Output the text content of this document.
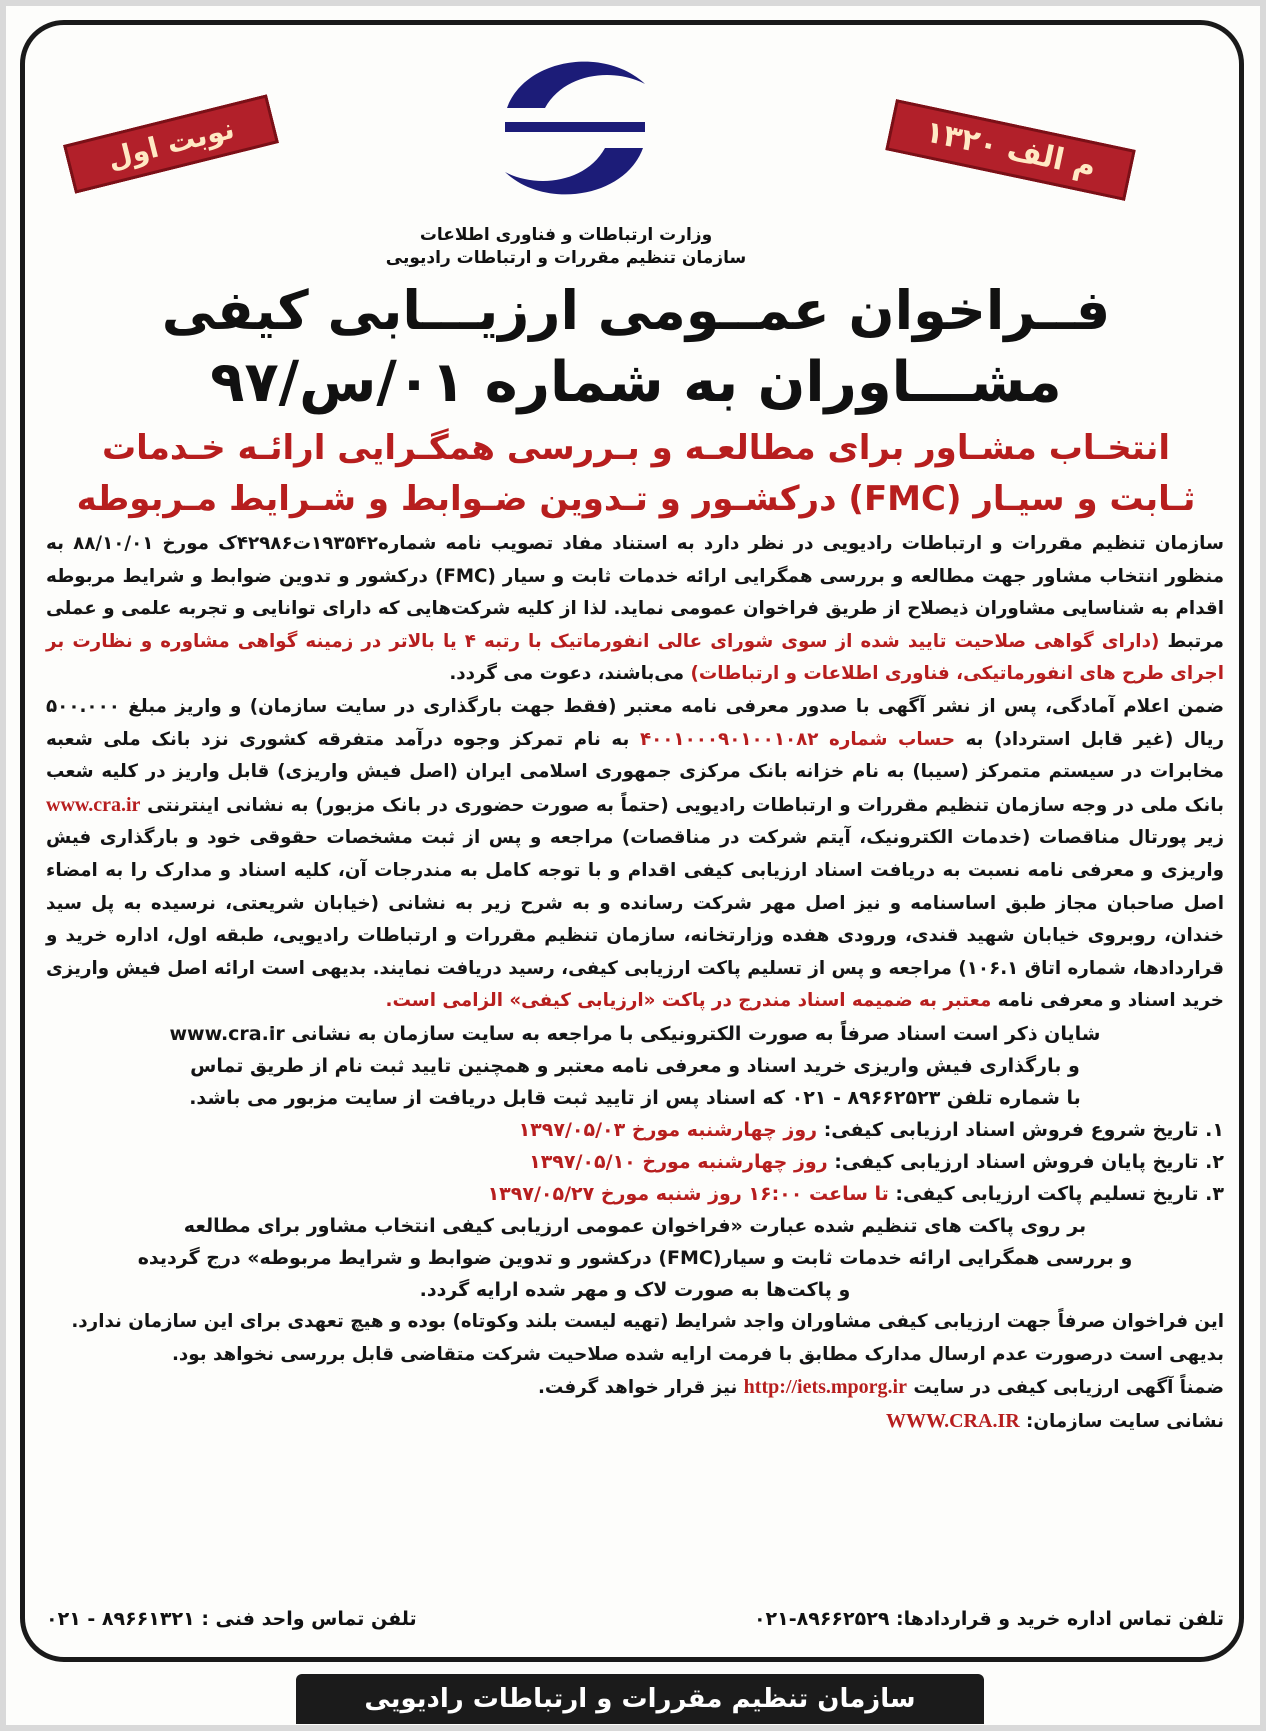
نوبت اول	م الف ۱۳۲۰
وزارت ارتباطات و فناوری اطلاعات
سازمان تنظیم مقررات و ارتباطات رادیویی
فــراخوان عمــومی ارزیـــابی کیفی
مشـــاوران به شماره ۰۱/س/۹۷
انتخـاب مشـاور برای مطالعـه و بـررسی همگـرایی ارائـه خـدمات
ثـابت و سیـار (FMC) درکشـور و تـدوین ضـوابط و شـرایط مـربوطه

سازمان تنظیم مقررات و ارتباطات رادیویی در نظر دارد به استناد مفاد تصویب نامه شماره۱۹۳۵۴۲ت۴۲۹۸۶ک مورخ ۸۸/۱۰/۰۱ به منظور انتخاب مشاور جهت مطالعه و بررسی همگرایی ارائه خدمات ثابت و سیار (FMC) درکشور و تدوین ضوابط و شرایط مربوطه اقدام به شناسایی مشاوران ذیصلاح از طریق فراخوان عمومی نماید. لذا از کلیه شرکت‌هایی که دارای توانایی و تجربه علمی و عملی مرتبط (دارای گواهی صلاحیت تایید شده از سوی شورای عالی انفورماتیک با رتبه ۴ یا بالاتر در زمینه گواهی مشاوره و نظارت بر اجرای طرح های انفورماتیکی، فناوری اطلاعات و ارتباطات) می‌باشند، دعوت می گردد.

ضمن اعلام آمادگی، پس از نشر آگهی با صدور معرفی نامه معتبر (فقط جهت بارگذاری در سایت سازمان) و واریز مبلغ ۵۰۰.۰۰۰ ریال (غیر قابل استرداد) به حساب شماره ۴۰۰۱۰۰۰۹۰۱۰۰۱۰۸۲ به نام تمرکز وجوه درآمد متفرقه کشوری نزد بانک ملی شعبه مخابرات در سیستم متمرکز (سیبا) به نام خزانه بانک مرکزی جمهوری اسلامی ایران (اصل فیش واریزی) قابل واریز در کلیه شعب بانک ملی در وجه سازمان تنظیم مقررات و ارتباطات رادیویی (حتماً به صورت حضوری در بانک مزبور) به نشانی اینترنتی www.cra.ir زیر پورتال مناقصات (خدمات الکترونیک، آیتم شرکت در مناقصات) مراجعه و پس از ثبت مشخصات حقوقی خود و بارگذاری فیش واریزی و معرفی نامه نسبت به دریافت اسناد ارزیابی کیفی اقدام و با توجه کامل به مندرجات آن، کلیه اسناد و مدارک را به امضاء اصل صاحبان مجاز طبق اساسنامه و نیز اصل مهر شرکت رسانده و به شرح زیر به نشانی (خیابان شریعتی، نرسیده به پل سید خندان، روبروی خیابان شهید قندی، ورودی هفده وزارتخانه، سازمان تنظیم مقررات و ارتباطات رادیویی، طبقه اول، اداره خرید و قراردادها، شماره اتاق ۱۰۶.۱) مراجعه و پس از تسلیم پاکت ارزیابی کیفی، رسید دریافت نمایند. بدیهی است ارائه اصل فیش واریزی خرید اسناد و معرفی نامه معتبر به ضمیمه اسناد مندرج در پاکت «ارزیابی کیفی» الزامی است.

شایان ذکر است اسناد صرفاً به صورت الکترونیکی با مراجعه به سایت سازمان به نشانی www.cra.ir
و بارگذاری فیش واریزی خرید اسناد و معرفی نامه معتبر و همچنین تایید ثبت نام از طریق تماس
با شماره تلفن ۸۹۶۶۲۵۲۳ - ۰۲۱ که اسناد پس از تایید ثبت قابل دریافت از سایت مزبور می باشد.
۱. تاریخ شروع فروش اسناد ارزیابی کیفی: روز چهارشنبه مورخ ۱۳۹۷/۰۵/۰۳
۲. تاریخ پایان فروش اسناد ارزیابی کیفی: روز چهارشنبه مورخ ۱۳۹۷/۰۵/۱۰
۳. تاریخ تسلیم پاکت ارزیابی کیفی: تا ساعت ۱۶:۰۰ روز شنبه مورخ ۱۳۹۷/۰۵/۲۷
بر روی پاکت های تنظیم شده عبارت «فراخوان عمومی ارزیابی کیفی انتخاب مشاور برای مطالعه
و بررسی همگرایی ارائه خدمات ثابت و سیار(FMC) درکشور و تدوین ضوابط و شرایط مربوطه» درج گردیده
و پاکت‌ها به صورت لاک و مهر شده ارایه گردد.
این فراخوان صرفاً جهت ارزیابی کیفی مشاوران واجد شرایط (تهیه لیست بلند وکوتاه) بوده و هیچ تعهدی برای این سازمان ندارد.
بدیهی است درصورت عدم ارسال مدارک مطابق با فرمت ارایه شده صلاحیت شرکت متقاضی قابل بررسی نخواهد بود.
ضمناً آگهی ارزیابی کیفی در سایت http://iets.mporg.ir نیز قرار خواهد گرفت.
نشانی سایت سازمان: WWW.CRA.IR
تلفن تماس اداره خرید و قراردادها: ۸۹۶۶۲۵۲۹-۰۲۱
تلفن تماس واحد فنی : ۸۹۶۶۱۳۲۱ - ۰۲۱
سازمان تنظیم مقررات و ارتباطات رادیویی
